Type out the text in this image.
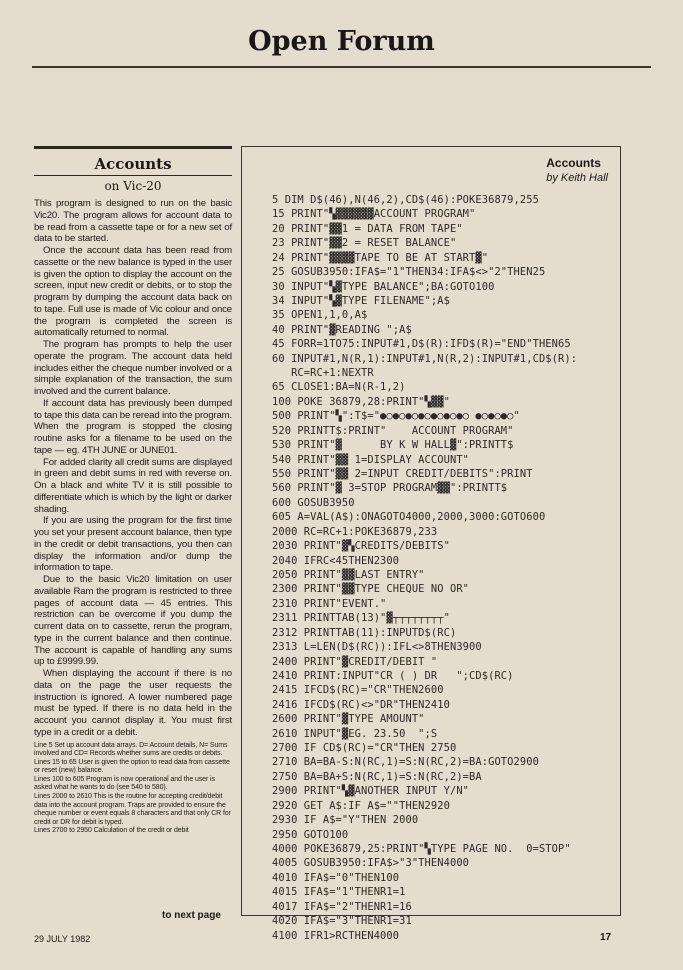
Open Forum
Accounts
on Vic-20

This program is designed to run on the basic Vic20. The program allows for account data to be read from a cassette tape or for a new set of data to be started.

Once the account data has been read from cassette or the new balance is typed in the user is given the option to display the account on the screen, input new credit or debits, or to stop the program by dumping the account data back on to tape. Full use is made of Vic colour and once the program is completed the screen is automatically returned to normal.

The program has prompts to help the user operate the program. The account data held includes either the cheque number involved or a simple explanation of the transaction, the sum involved and the current balance.

If account data has previously been dumped to tape this data can be reread into the program. When the program is stopped the closing routine asks for a filename to be used on the tape — eg. 4TH JUNE or JUNE01.

For added clarity all credit sums are displayed in green and debit sums in red with reverse on. On a black and white TV it is still possible to differentiate which is which by the light or darker shading.

If you are using the program for the first time you set your present account balance, then type in the credit or debit transactions, you then can display the information and/or dump the information to tape.

Due to the basic Vic20 limitation on user available Ram the program is restricted to three pages of account data — 45 entries. This restriction can be overcome if you dump the current data on to cassette, rerun the program, type in the current balance and then continue. The account is capable of handling any sums up to £9999.99.

When displaying the account if there is no data on the page the user requests the instruction is ignored. A lower numbered page must be typed. If there is no data held in the account you cannot display it. You must first type in a credit or a debit.

Line 5 Set up account data arrays. D= Account details, N= Sums involved and CD= Records whether sums are credits or debits.

Lines 15 to 65 User is given the option to read data from cassette or reset (new) balance.

Lines 100 to 605 Program is now operational and the user is asked what he wants to do (see 540 to 580).

Lines 2000 to 2610 This is the routine for accepting credit/debit data into the account program. Traps are provided to ensure the cheque number or event equals 8 characters and that only CR for credit or DR for debit is typed.

Lines 2700 to 2950 Calculation of the credit or debit

to next page
Accounts
by Keith Hall
5 DIM D$(46),N(46,2),CD$(46):POKE36879,255
15 PRINT"▚▓▓▓▓▓▓ACCOUNT PROGRAM"
20 PRINT"▓▓1 = DATA FROM TAPE"
23 PRINT"▓▓2 = RESET BALANCE"
24 PRINT"▓▓▓▓TAPE TO BE AT START▓"
25 GOSUB3950:IFA$="1"THEN34:IFA$<>"2"THEN25
30 INPUT"▚▓TYPE BALANCE";BA:GOTO100
34 INPUT"▚▓TYPE FILENAME";A$
35 OPEN1,1,0,A$
40 PRINT"▓READING ";A$
45 FORR=1TO75:INPUT#1,D$(R):IFD$(R)="END"THEN65
60 INPUT#1,N(R,1):INPUT#1,N(R,2):INPUT#1,CD$(R):
RC=RC+1:NEXTR
65 CLOSE1:BA=N(R-1,2)
100 POKE 36879,28:PRINT"▚▓▓"
500 PRINT"▚":T$="●○●○●○●○●○●○●○ ●○●○●○"
520 PRINTT$:PRINT"    ACCOUNT PROGRAM"
530 PRINT"▓      BY K W HALL▓":PRINTT$
540 PRINT"▓▓ 1=DISPLAY ACCOUNT"
550 PRINT"▓▓ 2=INPUT CREDIT/DEBITS":PRINT
560 PRINT"▓ 3=STOP PROGRAM▓▓":PRINTT$
600 GOSUB3950
605 A=VAL(A$):ONAGOTO4000,2000,3000:GOTO600
2000 RC=RC+1:POKE36879,233
2030 PRINT"▓▚CREDITS/DEBITS"
2040 IFRC<45THEN2300
2050 PRINT"▓▓LAST ENTRY"
2300 PRINT"▓▓TYPE CHEQUE NO OR"
2310 PRINT"EVENT."
2311 PRINTTAB(13)"▓┬┬┬┬┬┬┬┬"
2312 PRINTTAB(11):INPUTD$(RC)
2313 L=LEN(D$(RC)):IFL<>8THEN3900
2400 PRINT"▓CREDIT/DEBIT "
2410 PRINT:INPUT"CR ( ) DR   ";CD$(RC)
2415 IFCD$(RC)="CR"THEN2600
2416 IFCD$(RC)<>"DR"THEN2410
2600 PRINT"▓TYPE AMOUNT"
2610 INPUT"▓EG. 23.50  ";S
2700 IF CD$(RC)="CR"THEN 2750
2710 BA=BA-S:N(RC,1)=S:N(RC,2)=BA:GOTO2900
2750 BA=BA+S:N(RC,1)=S:N(RC,2)=BA
2900 PRINT"▚▓ANOTHER INPUT Y/N"
2920 GET A$:IF A$=""THEN2920
2930 IF A$="Y"THEN 2000
2950 GOTO100
4000 POKE36879,25:PRINT"▚TYPE PAGE NO.  0=STOP"
4005 GOSUB3950:IFA$>"3"THEN4000
4010 IFA$="0"THEN100
4015 IFA$="1"THENR1=1
4017 IFA$="2"THENR1=16
4020 IFA$="3"THENR1=31
4100 IFR1>RCTHEN4000
29 JULY 1982	17
